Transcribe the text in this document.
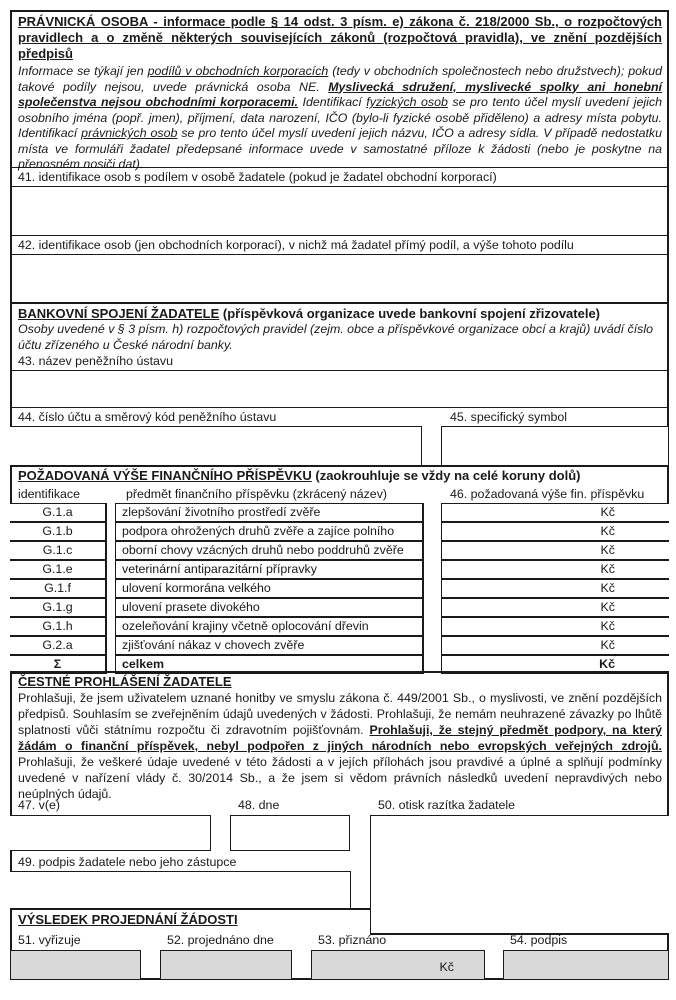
PRÁVNICKÁ OSOBA - informace podle § 14 odst. 3 písm. e) zákona č. 218/2000 Sb., o rozpočtových pravidlech a o změně některých souvisejících zákonů (rozpočtová pravidla), ve znění pozdějších předpisů
Informace se týkají jen podílů v obchodních korporacích (tedy v obchodních společnostech nebo družstvech); pokud takové podíly nejsou, uvede právnická osoba NE. Myslivecká sdružení, myslivecké spolky ani honební společenstva nejsou obchodními korporacemi. Identifikací fyzických osob se pro tento účel myslí uvedení jejich osobního jména (popř. jmen), příjmení, data narození, IČO (bylo-li fyzické osobě přiděleno) a adresy místa pobytu. Identifikací právnických osob se pro tento účel myslí uvedení jejich názvu, IČO a adresy sídla. V případě nedostatku místa ve formuláři žadatel předepsané informace uvede v samostatné příloze k žádosti (nebo je poskytne na přenosném nosiči dat).
41. identifikace osob s podílem v osobě žadatele (pokud je žadatel obchodní korporací)
42. identifikace osob (jen obchodních korporací), v nichž má žadatel přímý podíl, a výše tohoto podílu
BANKOVNÍ SPOJENÍ ŽADATELE (příspěvková organizace uvede bankovní spojení zřizovatele)
Osoby uvedené v § 3 písm. h) rozpočtových pravidel (zejm. obce a příspěvkové organizace obcí a krajů) uvádí číslo účtu zřízeného u České národní banky.
43. název peněžního ústavu
44. číslo účtu a směrový kód peněžního ústavu	45. specifický symbol
POŽADOVANÁ VÝŠE FINANČNÍHO PŘÍSPĚVKU (zaokrouhluje se vždy na celé koruny dolů)
identifikace	předmět finančního příspěvku (zkrácený název)	46. požadovaná výše fin. příspěvku
G.1.a	zlepšování životního prostředí zvěře	Kč
G.1.b	podpora ohrožených druhů zvěře a zajíce polního	Kč
G.1.c	oborní chovy vzácných druhů nebo poddruhů zvěře	Kč
G.1.e	veterinární antiparazitární přípravky	Kč
G.1.f	ulovení kormorána velkého	Kč
G.1.g	ulovení prasete divokého	Kč
G.1.h	ozeleňování krajiny včetně oplocování dřevin	Kč
G.2.a	zjišťování nákaz v chovech zvěře	Kč
Σ	celkem	Kč
ČESTNÉ PROHLÁŠENÍ ŽADATELE
Prohlašuji, že jsem uživatelem uznané honitby ve smyslu zákona č. 449/2001 Sb., o myslivosti, ve znění pozdějších předpisů. Souhlasím se zveřejněním údajů uvedených v žádosti. Prohlašuji, že nemám neuhrazené závazky po lhůtě splatnosti vůči státnímu rozpočtu či zdravotním pojišťovnám. Prohlašuji, že stejný předmět podpory, na který žádám o finanční příspěvek, nebyl podpořen z jiných národních nebo evropských veřejných zdrojů. Prohlašuji, že veškeré údaje uvedené v této žádosti a v jejích přílohách jsou pravdivé a úplné a splňují podmínky uvedené v nařízení vlády č. 30/2014 Sb., a že jsem si vědom právních následků uvedení nepravdivých nebo neúplných údajů.
47. v(e)	48. dne	50. otisk razítka žadatele
49. podpis žadatele nebo jeho zástupce
VÝSLEDEK PROJEDNÁNÍ ŽÁDOSTI
51. vyřizuje	52. projednáno dne	53. přiznáno	54. podpis
Kč
